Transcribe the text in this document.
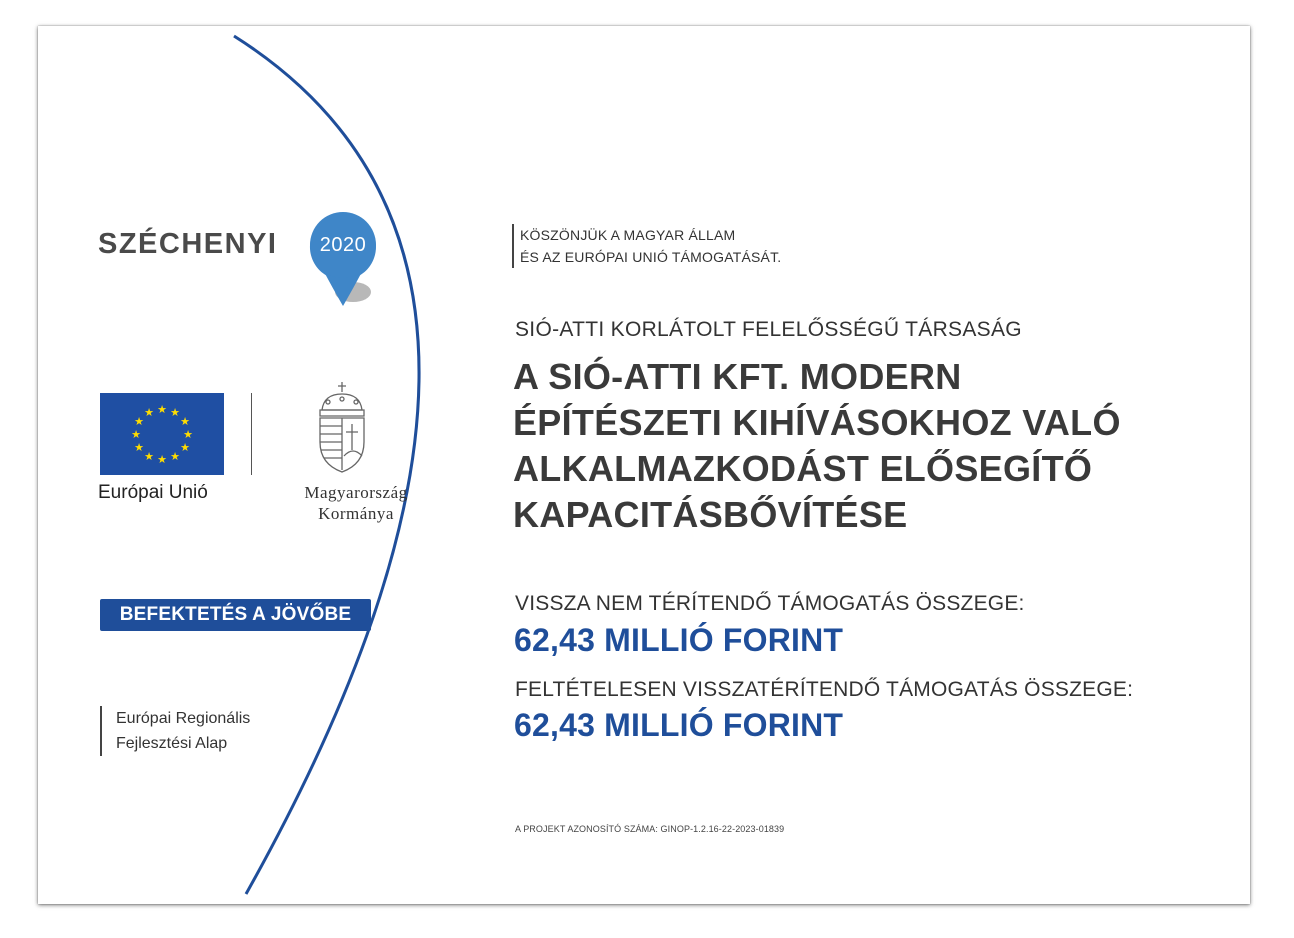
SZÉCHENYI	2020
★ ★
★
★
★
★
★
★
★
★
★
★
Európai Unió	Magyarország
Kormánya
BEFEKTETÉS A JÖVŐBE
Európai Regionális
Fejlesztési Alap
KÖSZÖNJÜK A MAGYAR ÁLLAM
ÉS AZ EURÓPAI UNIÓ TÁMOGATÁSÁT.
SIÓ-ATTI KORLÁTOLT FELELŐSSÉGŰ TÁRSASÁG
A SIÓ-ATTI KFT. MODERN
ÉPÍTÉSZETI KIHÍVÁSOKHOZ VALÓ
ALKALMAZKODÁST ELŐSEGÍTŐ
KAPACITÁSBŐVÍTÉSE
VISSZA NEM TÉRÍTENDŐ TÁMOGATÁS ÖSSZEGE:
62,43 MILLIÓ FORINT
FELTÉTELESEN VISSZATÉRÍTENDŐ TÁMOGATÁS ÖSSZEGE:
62,43 MILLIÓ FORINT
A PROJEKT AZONOSÍTÓ SZÁMA: GINOP-1.2.16-22-2023-01839
